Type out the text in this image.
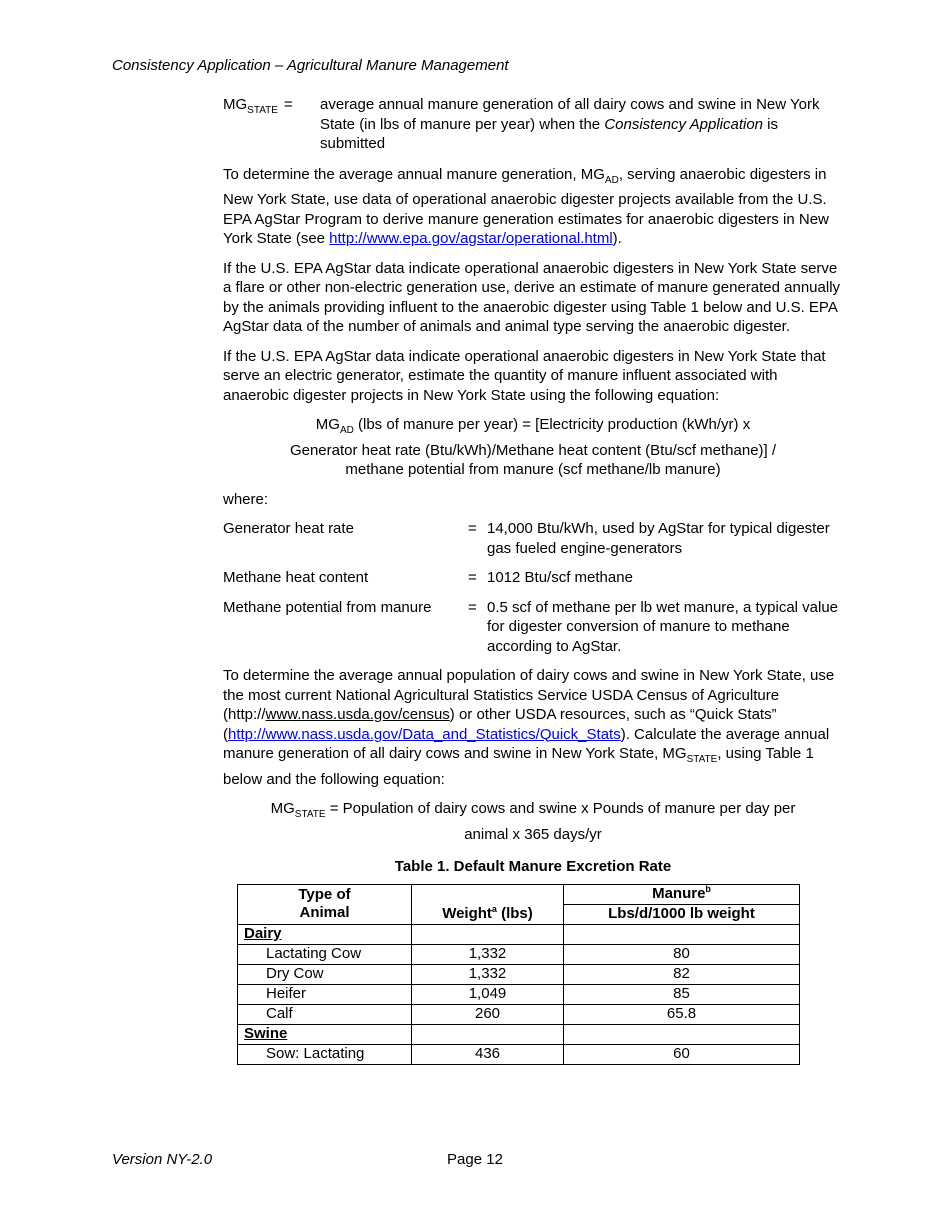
Consistency Application – Agricultural Manure Management
$MG_{STATE}$ =	average annual manure generation of all dairy cows and swine in New York State (in lbs of manure per year) when the Consistency Application is submitted
To determine the average annual manure generation, $MG_{AD}$, serving anaerobic digesters in New York State, use data of operational anaerobic digester projects available from the U.S. EPA AgStar Program to derive manure generation estimates for anaerobic digesters in New York State (see http://www.epa.gov/agstar/operational.html).
If the U.S. EPA AgStar data indicate operational anaerobic digesters in New York State serve a flare or other non-electric generation use, derive an estimate of manure generated annually by the animals providing influent to the anaerobic digester using Table 1 below and U.S. EPA AgStar data of the number of animals and animal type serving the anaerobic digester.
If the U.S. EPA AgStar data indicate operational anaerobic digesters in New York State that serve an electric generator, estimate the quantity of manure influent associated with anaerobic digester projects in New York State using the following equation:
$MG_{AD}$ (lbs of manure per year) = [Electricity production (kWh/yr) x
Generator heat rate (Btu/kWh)/Methane heat content (Btu/scf methane)] /
methane potential from manure (scf methane/lb manure)
where:
Generator heat rate	= 14,000 Btu/kWh, used by AgStar for typical digester gas fueled engine-generators
Methane heat content	= 1012 Btu/scf methane
Methane potential from manure	= 0.5 scf of methane per lb wet manure, a typical value for digester conversion of manure to methane according to AgStar.
To determine the average annual population of dairy cows and swine in New York State, use the most current National Agricultural Statistics Service USDA Census of Agriculture (http://www.nass.usda.gov/census) or other USDA resources, such as “Quick Stats” (http://www.nass.usda.gov/Data_and_Statistics/Quick_Stats). Calculate the average annual manure generation of all dairy cows and swine in New York State, $MG_{STATE}$, using Table 1 below and the following equation:
$MG_{STATE}$ = Population of dairy cows and swine x Pounds of manure per day per
animal x 365 days/yr
Table 1. Default Manure Excretion Rate
Type of
Animal	Weight$^a$ (lbs)	Manure$^b$
		Lbs/d/1000 lb weight
Dairy		
Lactating Cow	1,332	80
Dry Cow	1,332	82
Heifer	1,049	85
Calf	260	65.8
Swine		
Sow: Lactating	436	60
Version NY-2.0	Page 12
